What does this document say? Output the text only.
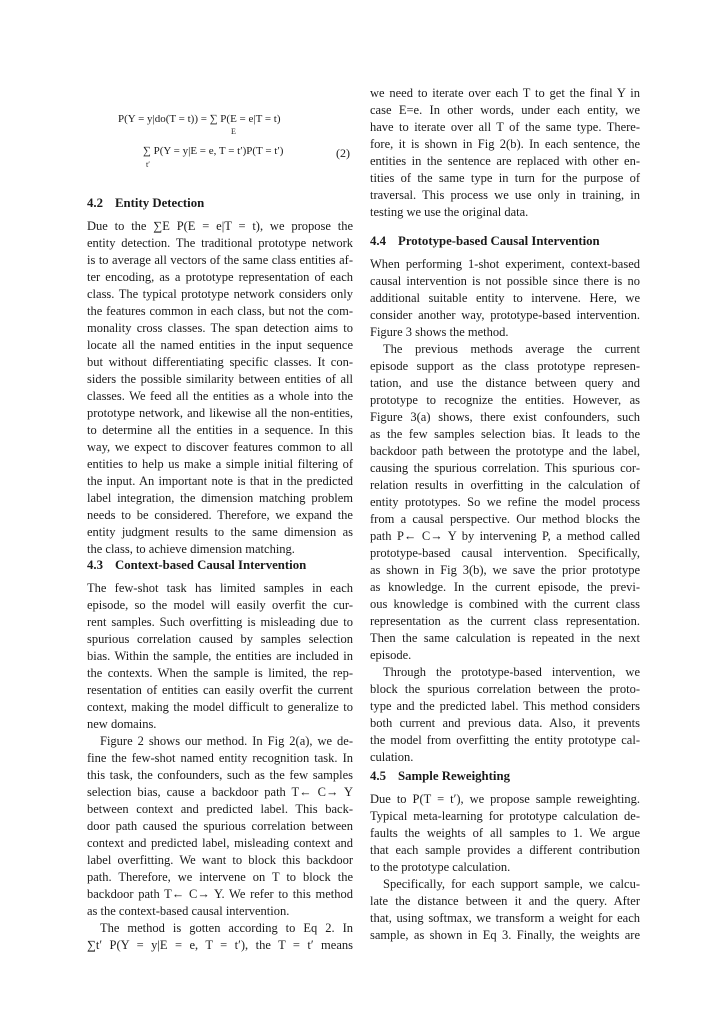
P(Y = y|do(T = t)) = ∑ P(E = e|T = t)
E
∑ P(Y = y|E = e, T = t′)P(T = t′)
t′
(2)
4.2 Entity Detection
Due to the ∑E P(E = e|T = t), we propose the
entity detection. The traditional prototype network
is to average all vectors of the same class entities af-
ter encoding, as a prototype representation of each
class. The typical prototype network considers only
the features common in each class, but not the com-
monality cross classes. The span detection aims to
locate all the named entities in the input sequence
but without differentiating specific classes. It con-
siders the possible similarity between entities of all
classes. We feed all the entities as a whole into the
prototype network, and likewise all the non-entities,
to determine all the entities in a sequence. In this
way, we expect to discover features common to all
entities to help us make a simple initial filtering of
the input. An important note is that in the predicted
label integration, the dimension matching problem
needs to be considered. Therefore, we expand the
entity judgment results to the same dimension as
the class, to achieve dimension matching.
4.3 Context-based Causal Intervention
The few-shot task has limited samples in each
episode, so the model will easily overfit the cur-
rent samples. Such overfitting is misleading due to
spurious correlation caused by samples selection
bias. Within the sample, the entities are included in
the contexts. When the sample is limited, the rep-
resentation of entities can easily overfit the current
context, making the model difficult to generalize to
new domains.
Figure 2 shows our method. In Fig 2(a), we de-
fine the few-shot named entity recognition task. In
this task, the confounders, such as the few samples
selection bias, cause a backdoor path T← C→ Y
between context and predicted label. This back-
door path caused the spurious correlation between
context and predicted label, misleading context and
label overfitting. We want to block this backdoor
path. Therefore, we intervene on T to block the
backdoor path T← C→ Y. We refer to this method
as the context-based causal intervention.
The method is gotten according to Eq 2. In
∑t′ P(Y = y|E = e, T = t′), the T = t′ means
we need to iterate over each T to get the final Y in
case E=e. In other words, under each entity, we
have to iterate over all T of the same type. There-
fore, it is shown in Fig 2(b). In each sentence, the
entities in the sentence are replaced with other en-
tities of the same type in turn for the purpose of
traversal. This process we use only in training, in
testing we use the original data.
4.4 Prototype-based Causal Intervention
When performing 1-shot experiment, context-based
causal intervention is not possible since there is no
additional suitable entity to intervene. Here, we
consider another way, prototype-based intervention.
Figure 3 shows the method.
The previous methods average the current
episode support as the class prototype represen-
tation, and use the distance between query and
prototype to recognize the entities. However, as
Figure 3(a) shows, there exist confounders, such
as the few samples selection bias. It leads to the
backdoor path between the prototype and the label,
causing the spurious correlation. This spurious cor-
relation results in overfitting in the calculation of
entity prototypes. So we refine the model process
from a causal perspective. Our method blocks the
path P← C→ Y by intervening P, a method called
prototype-based causal intervention. Specifically,
as shown in Fig 3(b), we save the prior prototype
as knowledge. In the current episode, the previ-
ous knowledge is combined with the current class
representation as the current class representation.
Then the same calculation is repeated in the next
episode.
Through the prototype-based intervention, we
block the spurious correlation between the proto-
type and the predicted label. This method considers
both current and previous data. Also, it prevents
the model from overfitting the entity prototype cal-
culation.
4.5 Sample Reweighting
Due to P(T = t′), we propose sample reweighting.
Typical meta-learning for prototype calculation de-
faults the weights of all samples to 1. We argue
that each sample provides a different contribution
to the prototype calculation.
Specifically, for each support sample, we calcu-
late the distance between it and the query. After
that, using softmax, we transform a weight for each
sample, as shown in Eq 3. Finally, the weights are
